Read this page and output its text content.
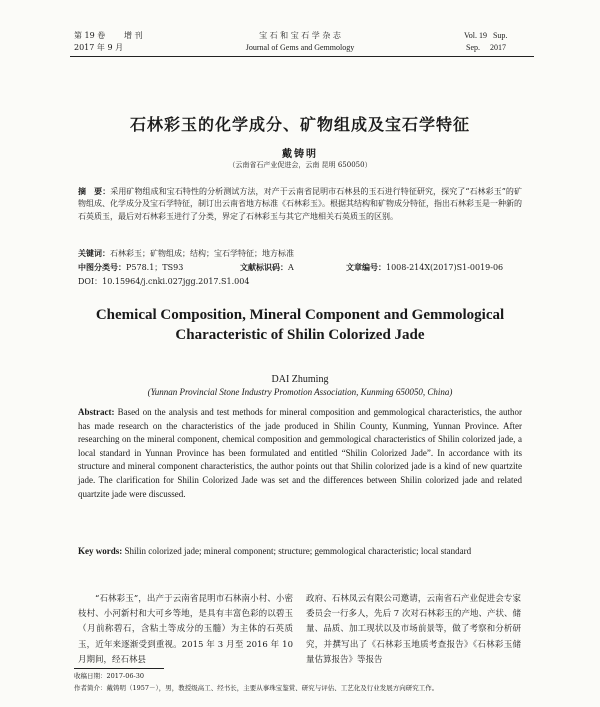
第 19 卷 增 刊
2017 年 9 月
宝 石 和 宝 石 学 杂 志
Journal of Gems and Gemmology
Vol. 19   Sup.
Sep.     2017
石林彩玉的化学成分、矿物组成及宝石学特征
戴铸明
（云南省石产业促进会，云南 昆明 650050）
摘　要：采用矿物组成和宝石特性的分析测试方法，对产于云南省昆明市石林县的玉石进行特征研究，探究了“石林彩玉”的矿物组成、化学成分及宝石学特征，制订出云南省地方标准《石林彩玉》。根据其结构和矿物成分特征，指出石林彩玉是一种新的石英质玉，最后对石林彩玉进行了分类，界定了石林彩玉与其它产地相关石英质玉的区别。
关键词：石林彩玉；矿物组成；结构；宝石学特征；地方标准
中图分类号：P578.1；TS93	文献标识码：A	文章编号：1008-214X(2017)S1-0019-06
DOI：10.15964/j.cnki.027jgg.2017.S1.004
Chemical Composition, Mineral Component and Gemmological
Characteristic of Shilin Colorized Jade
DAI Zhuming
(Yunnan Provincial Stone Industry Promotion Association, Kunming 650050, China)
Abstract: Based on the analysis and test methods for mineral composition and gemmological characteristics, the author has made research on the characteristics of the jade produced in Shilin County, Kunming, Yunnan Province. After researching on the mineral component, chemical composition and gemmological characteristics of Shilin colorized jade, a local standard in Yunnan Province has been formulated and entitled “Shilin Colorized Jade”. In accordance with its structure and mineral component characteristics, the author points out that Shilin colorized jade is a kind of new quartzite jade. The clarification for Shilin Colorized Jade was set and the differences between Shilin colorized jade and related quartzite jade were discussed.
Key words: Shilin colorized jade; mineral component; structure; gemmological characteristic; local standard
“石林彩玉”，出产于云南省昆明市石林南小村、小密枝村、小河新村和大可乡等地，是具有丰富色彩的以碧玉（月前称碧石，含粘土等成分的玉髓）为主体的石英质玉，近年来逐渐受到重视。2015 年 3 月至 2016 年 10 月期间，经石林县
政府、石林凤云有限公司邀请，云南省石产业促进会专家委员会一行多人，先后 7 次对石林彩玉的产地、产状、储量、品质、加工现状以及市场前景等，做了考察和分析研究，并撰写出了《石林彩玉地质考查报告》《石林彩玉储量估算报告》等报告
收稿日期：2017-06-30
作者简介：戴铸明（1957－），男，教授级高工、经书长，主要从事珠宝鉴赏、研究与评估、工艺化及行业发展方向研究工作。
